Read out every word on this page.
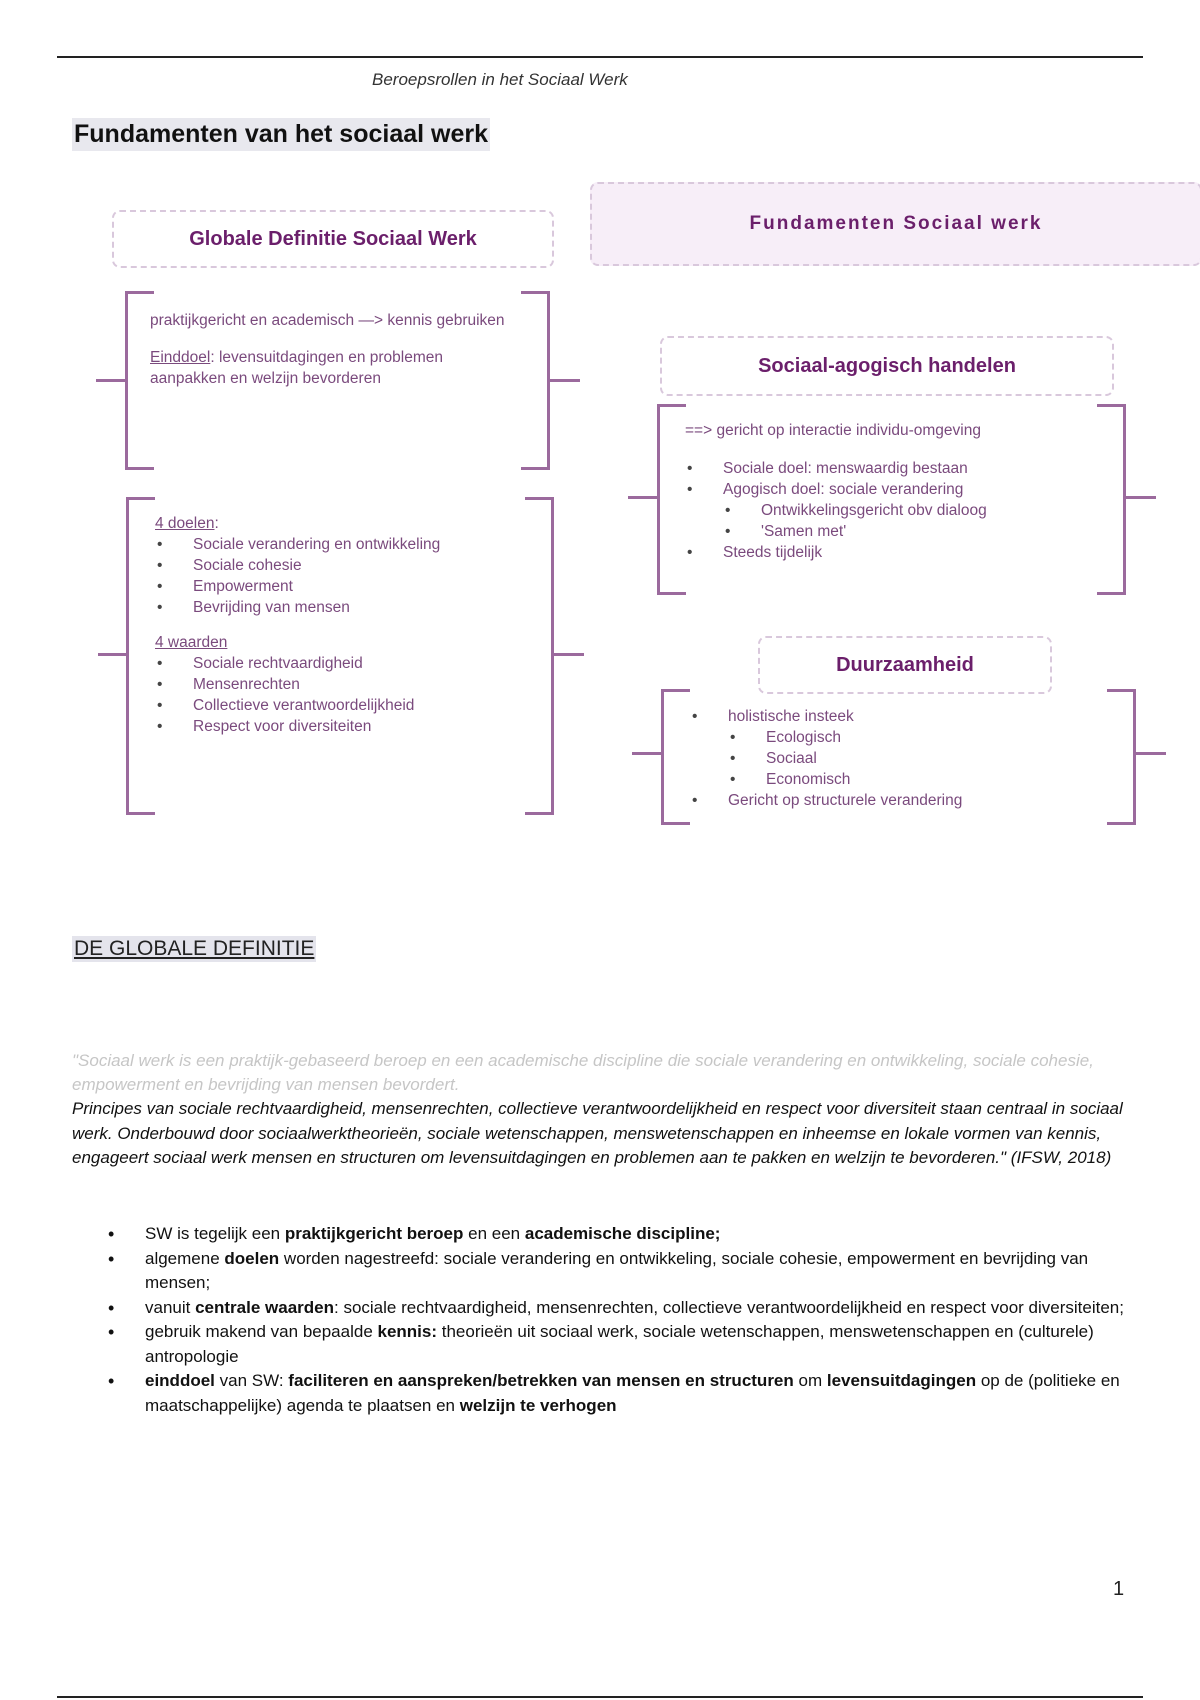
Beroepsrollen in het Sociaal Werk
Fundamenten van het sociaal werk
Globale Definitie Sociaal Werk
Fundamenten Sociaal werk
praktijkgericht en academisch —> kennis gebruiken
Einddoel: levensuitdagingen en problemen aanpakken en welzijn bevorderen
4 doelen:
• Sociale verandering en ontwikkeling
• Sociale cohesie
• Empowerment
• Bevrijding van mensen
4 waarden
• Sociale rechtvaardigheid
• Mensenrechten
• Collectieve verantwoordelijkheid
• Respect voor diversiteiten
Sociaal-agogisch handelen
==> gericht op interactie individu-omgeving
• Sociale doel: menswaardig bestaan
• Agogisch doel: sociale verandering
• Ontwikkelingsgericht obv dialoog
• 'Samen met'
• Steeds tijdelijk
Duurzaamheid
• holistische insteek
• Ecologisch
• Sociaal
• Economisch
• Gericht op structurele verandering
DE GLOBALE DEFINITIE
"Sociaal werk is een praktijk-gebaseerd beroep en een academische discipline die sociale verandering en ontwikkeling, sociale cohesie, empowerment en bevrijding van mensen bevordert.
Principes van sociale rechtvaardigheid, mensenrechten, collectieve verantwoordelijkheid en respect voor diversiteit staan centraal in sociaal werk. Onderbouwd door sociaalwerktheorieën, sociale wetenschappen, menswetenschappen en inheemse en lokale vormen van kennis, engageert sociaal werk mensen en structuren om levensuitdagingen en problemen aan te pakken en welzijn te bevorderen." (IFSW, 2018)
• SW is tegelijk een praktijkgericht beroep en een academische discipline;
• algemene doelen worden nagestreefd: sociale verandering en ontwikkeling, sociale cohesie, empowerment en bevrijding van mensen;
• vanuit centrale waarden: sociale rechtvaardigheid, mensenrechten, collectieve verantwoordelijkheid en respect voor diversiteiten;
• gebruik makend van bepaalde kennis: theorieën uit sociaal werk, sociale wetenschappen, menswetenschappen en (culturele) antropologie
• einddoel van SW: faciliteren en aanspreken/betrekken van mensen en structuren om levensuitdagingen op de (politieke en maatschappelijke) agenda te plaatsen en welzijn te verhogen
1
